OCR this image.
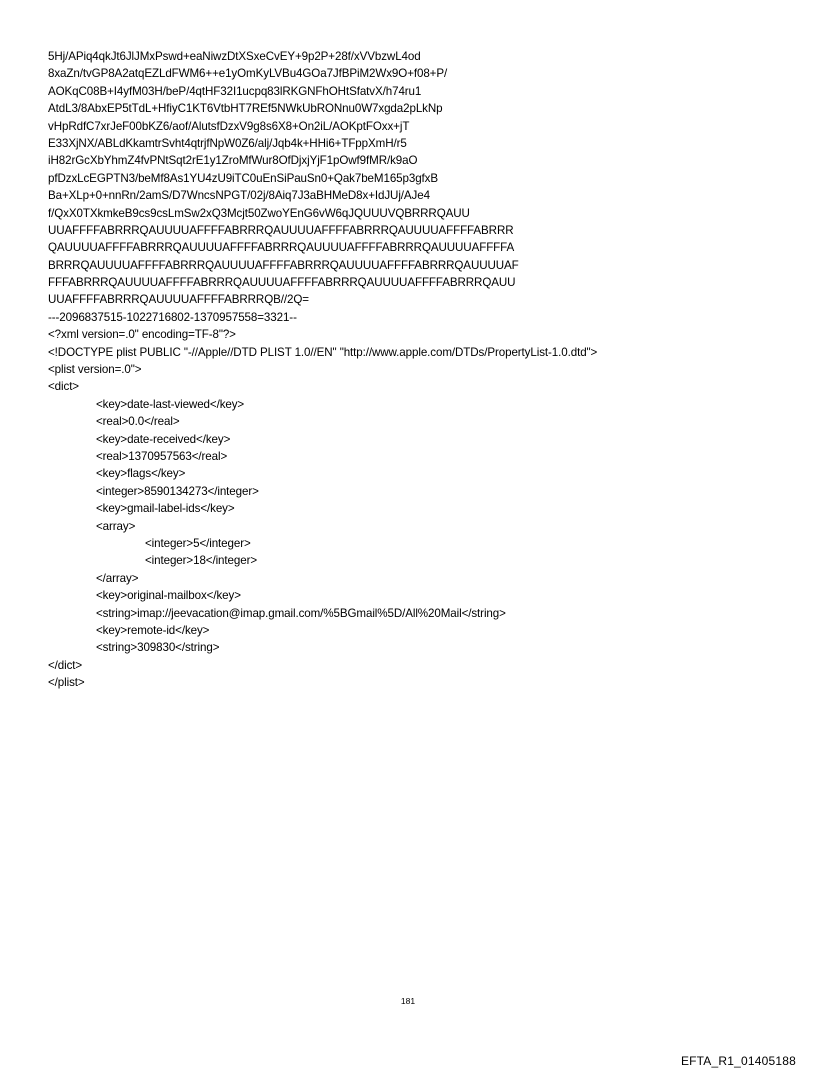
5Hj/APiq4qkJt6JlJMxPswd+eaNiwzDtXSxeCvEY+9p2P+28f/xVVbzwL4od
8xaZn/tvGP8A2atqEZLdFWM6++e1yOmKyLVBu4GOa7JfBPiM2Wx9O+f08+P/
AOKqC08B+I4yfM03H/beP/4qtHF32I1ucpq83lRKGNFhOHtSfatvX/h74ru1
AtdL3/8AbxEP5tTdL+HfiyC1KT6VtbHT7REf5NWkUbRONnu0W7xgda2pLkNp
vHpRdfC7xrJeF00bKZ6/aof/AlutsfDzxV9g8s6X8+On2iL/AOKptFOxx+jT
E33XjNX/ABLdKkamtrSvht4qtrjfNpW0Z6/alj/Jqb4k+HHi6+TFppXmH/r5
iH82rGcXbYhmZ4fvPNtSqt2rE1y1ZroMfWur8OfDjxjYjF1pOwf9fMR/k9aO
pfDzxLcEGPTN3/beMf8As1YU4zU9iTC0uEnSiPauSn0+Qak7beM165p3gfxB
Ba+XLp+0+nnRn/2amS/D7WncsNPGT/02j/8Aiq7J3aBHMeD8x+IdJUj/AJe4
f/QxX0TXkmkeB9cs9csLmSw2xQ3Mcjt50ZwoYEnG6vW6qJQUUUVQBRRRQAUU
UUAFFFFABRRRQAUUUUAFFFFABRRRQAUUUUAFFFFABRRRQAUUUUAFFFFABRRR
QAUUUUAFFFFABRRRQAUUUUAFFFFABRRRQAUUUUAFFFFABRRRQAUUUUAFFFFA
BRRRQAUUUUAFFFFABRRRQAUUUUAFFFFABRRRQAUUUUAFFFFABRRRQAUUUUAF
FFFABRRRQAUUUUAFFFFABRRRQAUUUUAFFFFABRRRQAUUUUAFFFFABRRRQAUU
UUAFFFFABRRRQAUUUUAFFFFABRRRQB//2Q=
---2096837515-1022716802-1370957558=3321--
<?xml version=.0" encoding=TF-8"?>
<!DOCTYPE plist PUBLIC "-//Apple//DTD PLIST 1.0//EN" "http://www.apple.com/DTDs/PropertyList-1.0.dtd">
<plist version=.0">
<dict>
<key>date-last-viewed</key>
<real>0.0</real>
<key>date-received</key>
<real>1370957563</real>
<key>flags</key>
<integer>8590134273</integer>
<key>gmail-label-ids</key>
<array>
<integer>5</integer>
<integer>18</integer>
</array>
<key>original-mailbox</key>
<string>imap://jeevacation@imap.gmail.com/%5BGmail%5D/All%20Mail</string>
<key>remote-id</key>
<string>309830</string>
</dict>
</plist>
181
EFTA_R1_01405188
